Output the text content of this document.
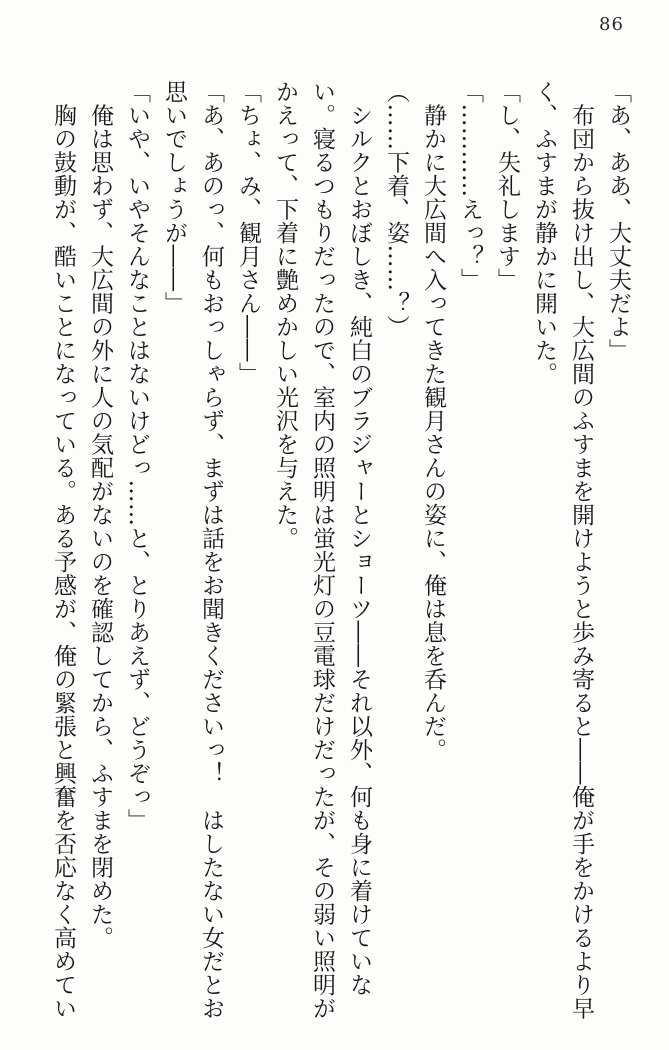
86

「あ、ああ、大丈夫だよ」

　布団から抜け出し、大広間のふすまを開けようと歩み寄ると――俺が手をかけるより早

く、ふすまが静かに開いた。

「し、失礼します」

「…………えっ？」

　静かに大広間へ入ってきた観月さんの姿に、俺は息を呑んだ。

（……下着、姿……？）

　シルクとおぼしき、純白のブラジャーとショーツ――それ以外、何も身に着けていな

い。寝るつもりだったので、室内の照明は蛍光灯の豆電球だけだったが、その弱い照明が

かえって、下着に艶めかしい光沢を与えた。

「ちょ、み、観月さん――」

「あ、あのっ、何もおっしゃらず、まずは話をお聞きくださいっ！　はしたない女だとお

思いでしょうが――」

「いや、いやそんなことはないけどっ……と、とりあえず、どうぞっ」

　俺は思わず、大広間の外に人の気配がないのを確認してから、ふすまを閉めた。

　胸の鼓動が、酷いことになっている。ある予感が、俺の緊張と興奮を否応なく高めてい
